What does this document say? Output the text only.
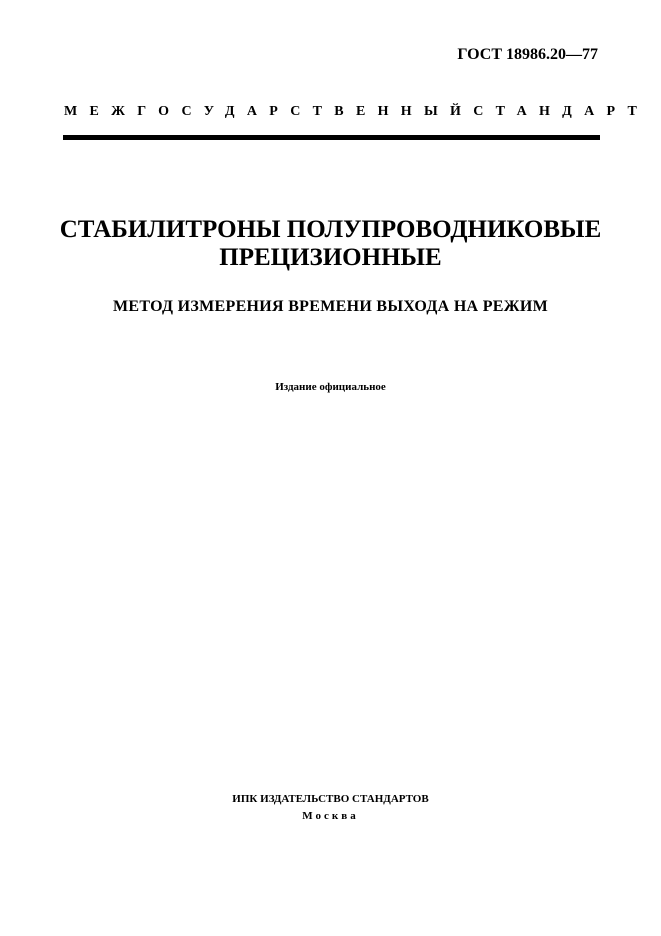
ГОСТ 18986.20—77
МЕЖГОСУДАРСТВЕННЫЙ СТАНДАРТ
СТАБИЛИТРОНЫ ПОЛУПРОВОДНИКОВЫЕ
ПРЕЦИЗИОННЫЕ
МЕТОД ИЗМЕРЕНИЯ ВРЕМЕНИ ВЫХОДА НА РЕЖИМ
Издание официальное
ИПК ИЗДАТЕЛЬСТВО СТАНДАРТОВ
Москва
